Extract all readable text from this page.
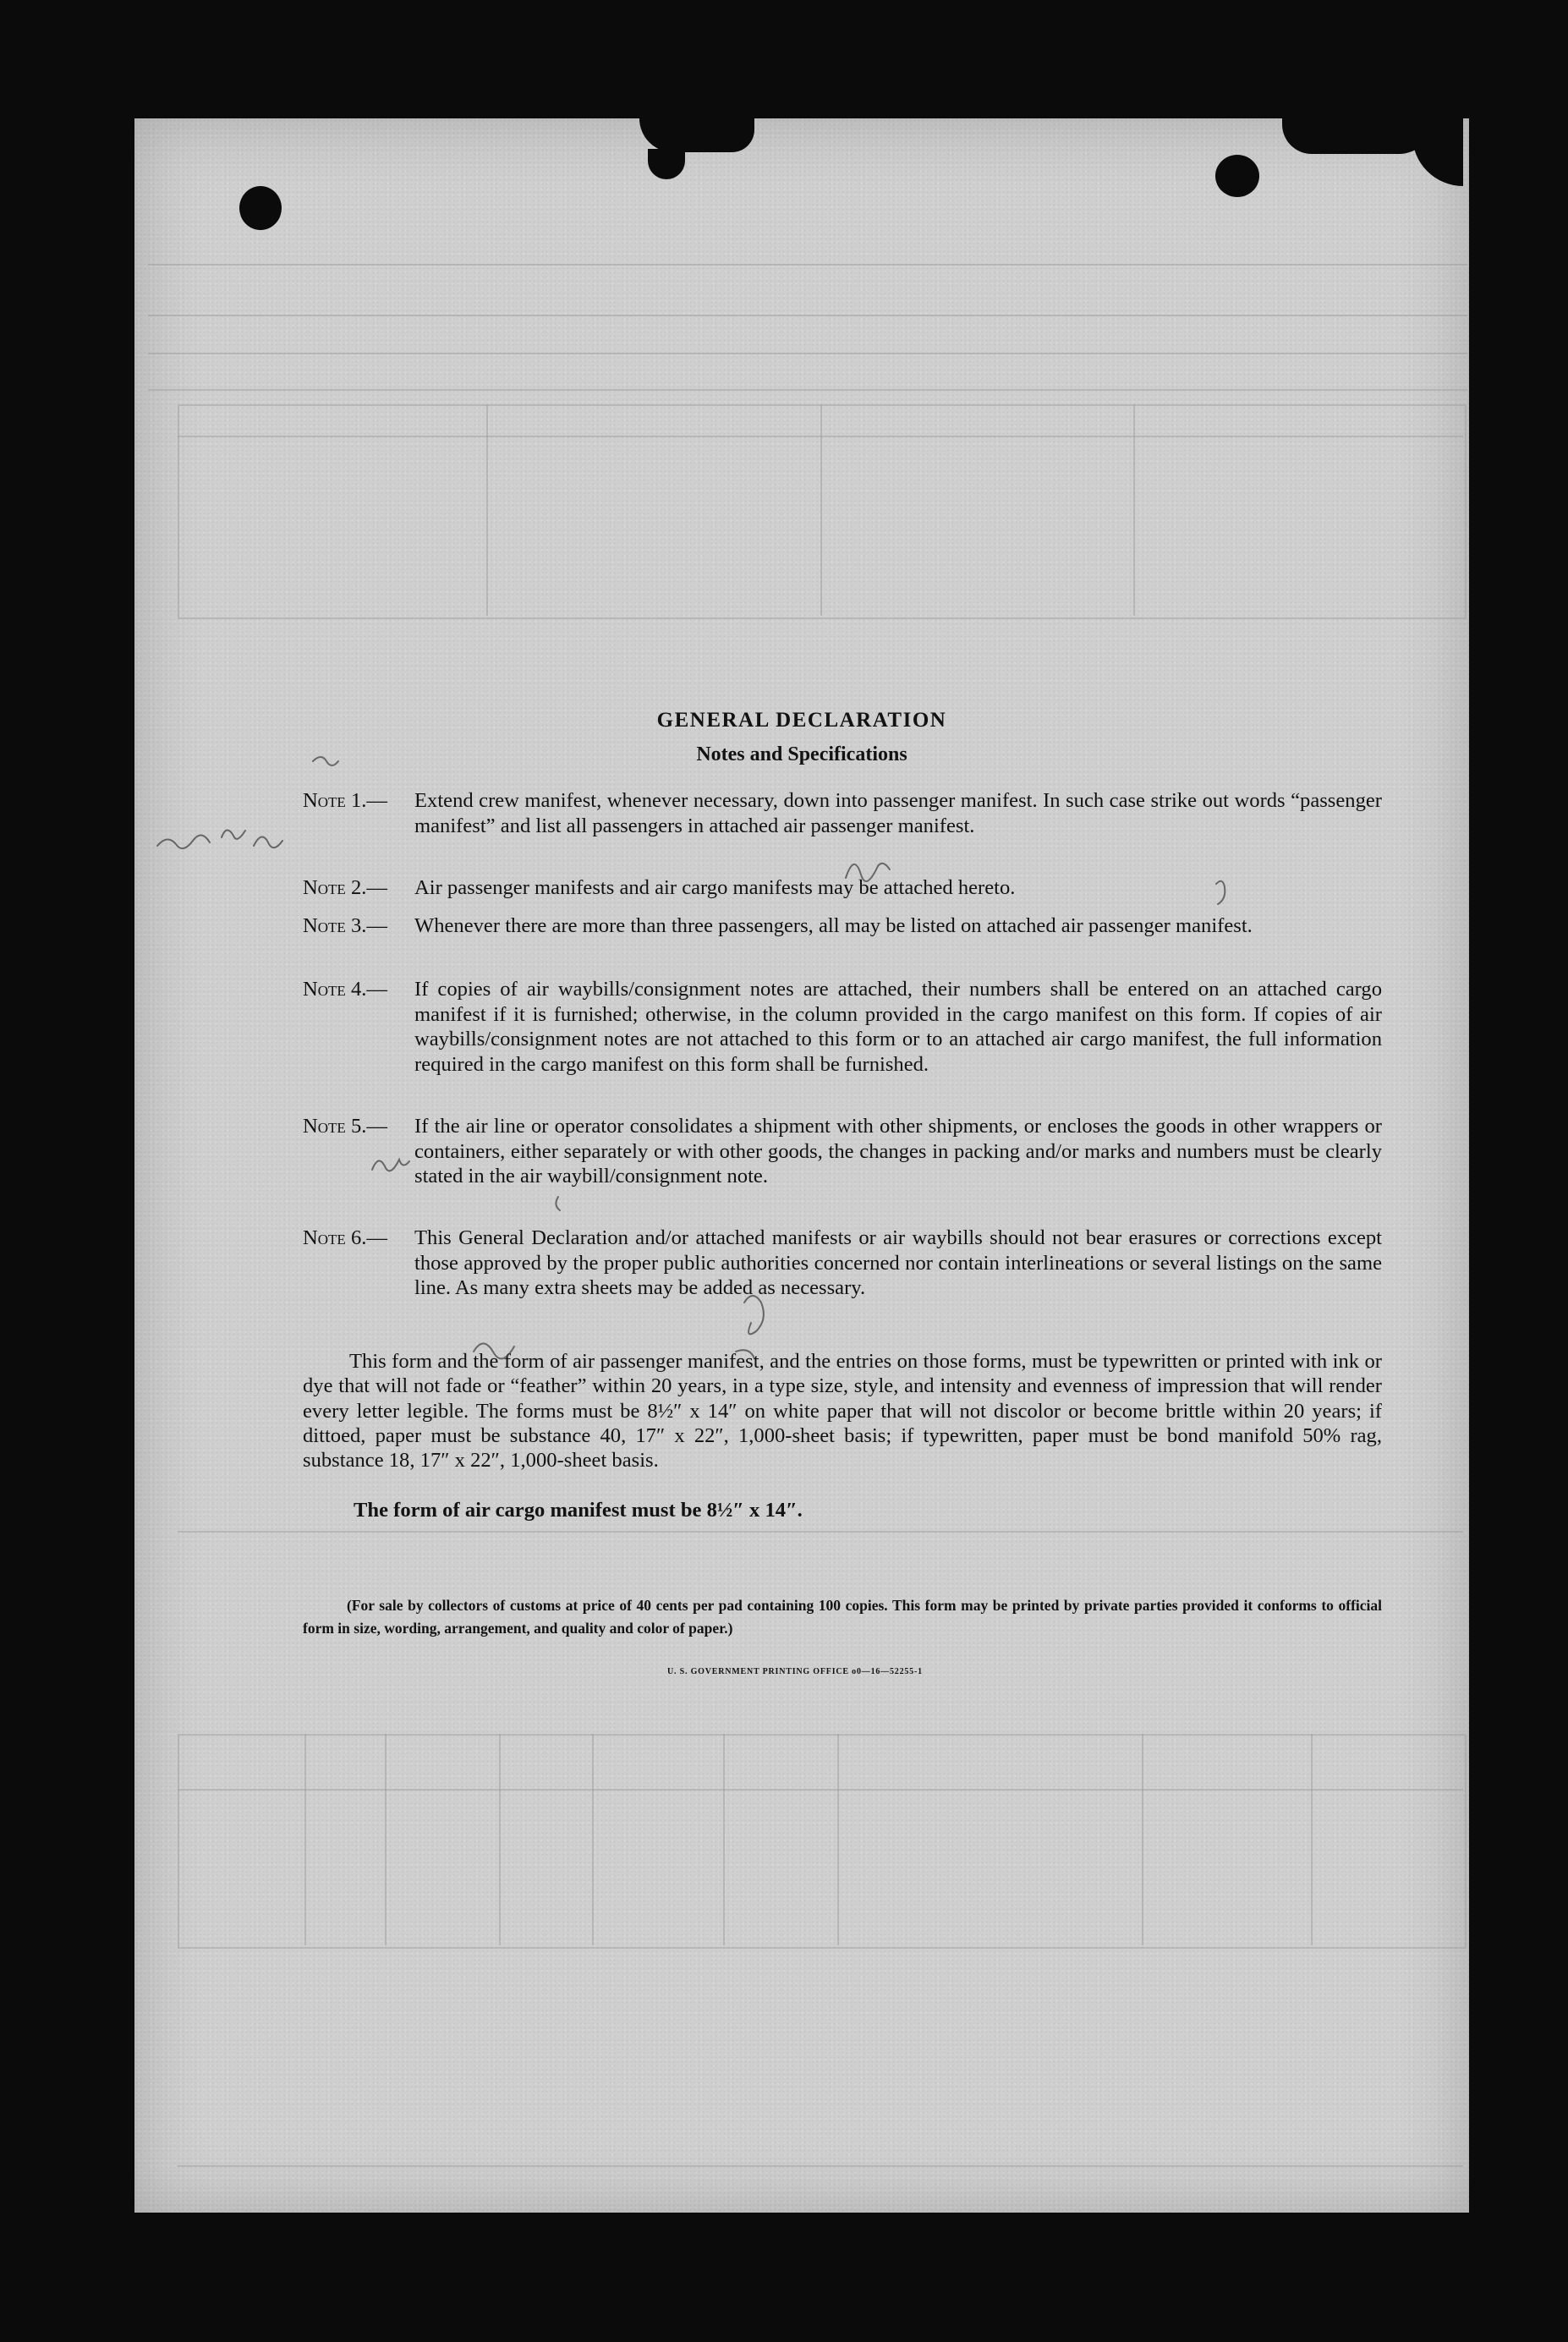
GENERAL DECLARATION
Notes and Specifications
Note 1.—	Extend crew manifest, whenever necessary, down into passenger manifest. In such case strike out words “passenger manifest” and list all passengers in attached air passenger manifest.
Note 2.—	Air passenger manifests and air cargo manifests may be attached hereto.
Note 3.—	Whenever there are more than three passengers, all may be listed on attached air passenger manifest.
Note 4.—	If copies of air waybills/consignment notes are attached, their numbers shall be entered on an attached cargo manifest if it is furnished; otherwise, in the column provided in the cargo manifest on this form. If copies of air waybills/consignment notes are not attached to this form or to an attached air cargo manifest, the full information required in the cargo manifest on this form shall be furnished.
Note 5.—	If the air line or operator consolidates a shipment with other shipments, or encloses the goods in other wrappers or containers, either separately or with other goods, the changes in packing and/or marks and numbers must be clearly stated in the air waybill/consignment note.
Note 6.—	This General Declaration and/or attached manifests or air waybills should not bear erasures or corrections except those approved by the proper public authorities concerned nor contain interlineations or several listings on the same line. As many extra sheets may be added as necessary.
This form and the form of air passenger manifest, and the entries on those forms, must be typewritten or printed with ink or dye that will not fade or “feather” within 20 years, in a type size, style, and intensity and evenness of impression that will render every letter legible. The forms must be 8½″ x 14″ on white paper that will not discolor or become brittle within 20 years; if dittoed, paper must be substance 40, 17″ x 22″, 1,000-sheet basis; if typewritten, paper must be bond manifold 50% rag, substance 18, 17″ x 22″, 1,000-sheet basis.
The form of air cargo manifest must be 8½″ x 14″.
(For sale by collectors of customs at price of 40 cents per pad containing 100 copies. This form may be printed by private parties provided it conforms to official form in size, wording, arrangement, and quality and color of paper.)
U. S. GOVERNMENT PRINTING OFFICE o0—16—52255-1
